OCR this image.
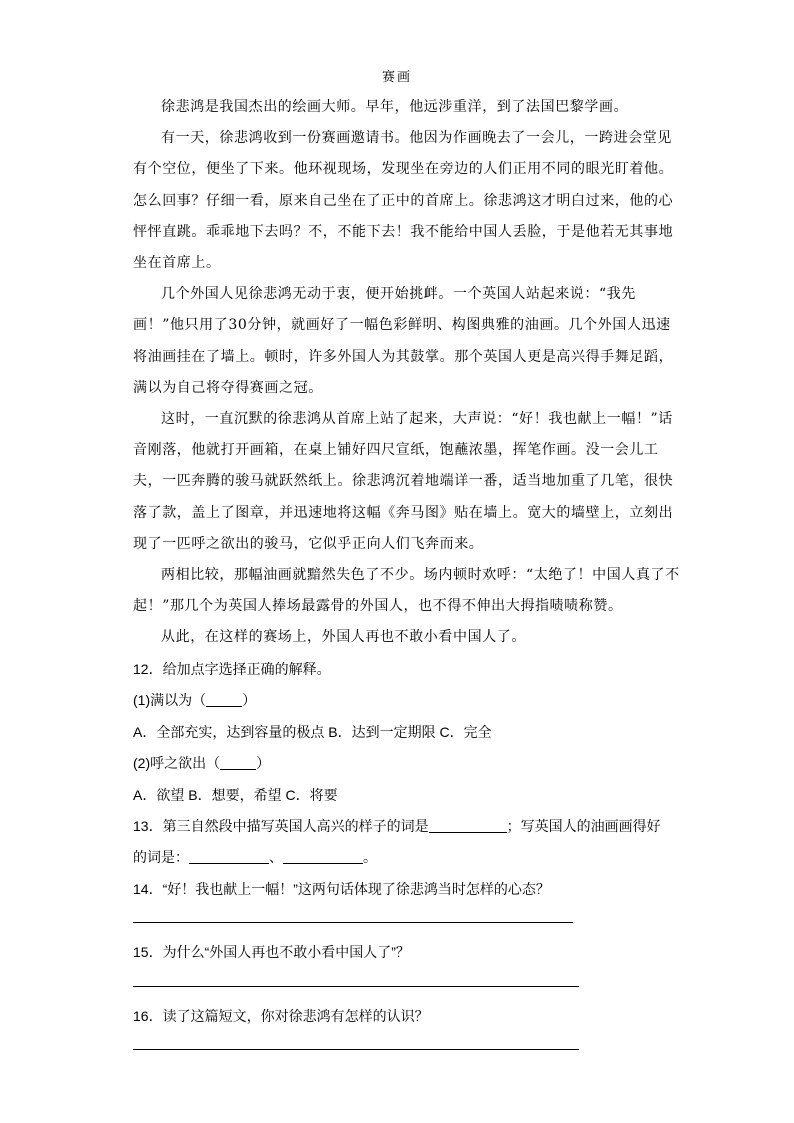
赛画

徐悲鸿是我国杰出的绘画大师。早年，他远涉重洋，到了法国巴黎学画。

有一天，徐悲鸿收到一份赛画邀请书。他因为作画晚去了一会儿，一跨进会堂见有个空位，便坐了下来。他环视现场，发现坐在旁边的人们正用不同的眼光盯着他。怎么回事？仔细一看，原来自己坐在了正中的首席上。徐悲鸿这才明白过来，他的心怦怦直跳。乖乖地下去吗？不，不能下去！我不能给中国人丢脸，于是他若无其事地坐在首席上。

几个外国人见徐悲鸿无动于衷，便开始挑衅。一个英国人站起来说：“我先画！”他只用了30分钟，就画好了一幅色彩鲜明、构图典雅的油画。几个外国人迅速将油画挂在了墙上。顿时，许多外国人为其鼓掌。那个英国人更是高兴得手舞足蹈，满以为自己将夺得赛画之冠。

这时，一直沉默的徐悲鸿从首席上站了起来，大声说：“好！我也献上一幅！”话音刚落，他就打开画箱，在桌上铺好四尺宣纸，饱蘸浓墨，挥笔作画。没一会儿工夫，一匹奔腾的骏马就跃然纸上。徐悲鸿沉着地端详一番，适当地加重了几笔，很快落了款，盖上了图章，并迅速地将这幅《奔马图》贴在墙上。宽大的墙壁上，立刻出现了一匹呼之欲出的骏马，它似乎正向人们飞奔而来。

两相比较，那幅油画就黯然失色了不少。场内顿时欢呼：“太绝了！中国人真了不起！”那几个为英国人捧场最露骨的外国人，也不得不伸出大拇指啧啧称赞。

从此，在这样的赛场上，外国人再也不敢小看中国人了。

12．给加点字选择正确的解释。
(1)满以为（	）
A．全部充实，达到容量的极点 B．达到一定期限 C．完全
(2)呼之欲出（	）
A．欲望 B．想要，希望 C．将要
13．第三自然段中描写英国人高兴的样子的词是	；写英国人的油画画得好
的词是：	、	。
14．“好！我也献上一幅！”这两句话体现了徐悲鸿当时怎样的心态？
15．为什么“外国人再也不敢小看中国人了”？
16．读了这篇短文，你对徐悲鸿有怎样的认识？
